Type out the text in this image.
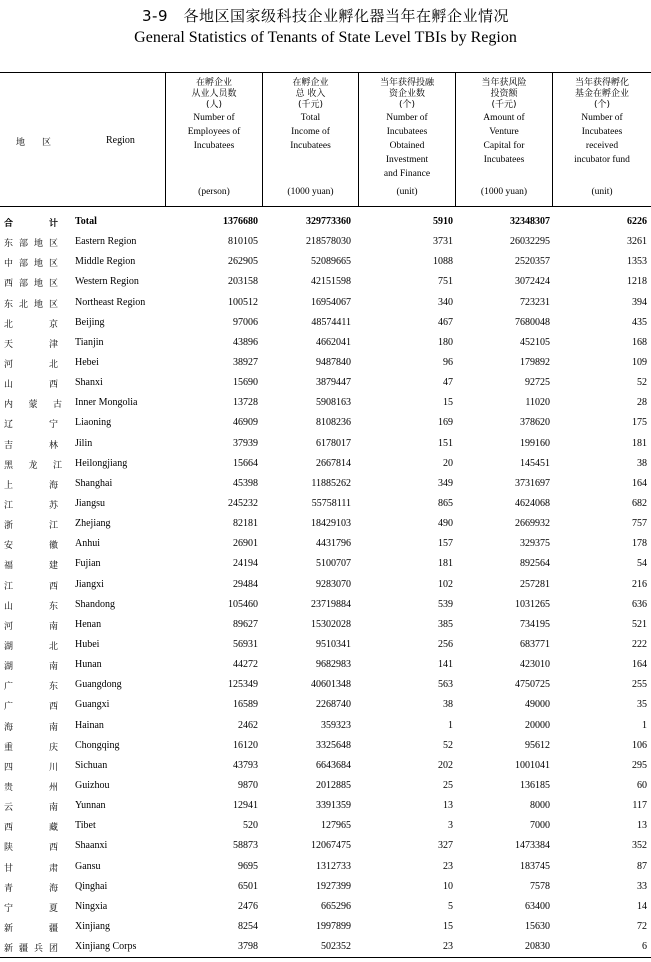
3-9　各地区国家级科技企业孵化器当年在孵企业情况
General Statistics of Tenants of State Level TBIs by Region
地区	Region
在孵企业
从业人员数
(人)
Number of
Employees of
Incubatees
(person)
在孵企业
总 收入
(千元)
Total
Income of
Incubatees
(1000 yuan)
当年获得投融
资企业数
(个)
Number of
Incubatees
Obtained
Investment
and Finance
(unit)
当年获风险
投资额
(千元)
Amount of
Venture
Capital for
Incubatees
(1000 yuan)
当年获得孵化
基金在孵企业
(个)
Number of
Incubatees
received
incubator fund
(unit)
合计 Total	1376680	329773360	5910	32348307	6226
东部地区 Eastern Region	810105	218578030	3731	26032295	3261
中部地区 Middle Region	262905	52089665	1088	2520357	1353
西部地区 Western Region	203158	42151598	751	3072424	1218
东北地区 Northeast Region	100512	16954067	340	723231	394
北京 Beijing	97006	48574411	467	7680048	435
天津 Tianjin	43896	4662041	180	452105	168
河北 Hebei	38927	9487840	96	179892	109
山西 Shanxi	15690	3879447	47	92725	52
内蒙古 Inner Mongolia	13728	5908163	15	11020	28
辽宁 Liaoning	46909	8108236	169	378620	175
吉林 Jilin	37939	6178017	151	199160	181
黑龙江 Heilongjiang	15664	2667814	20	145451	38
上海 Shanghai	45398	11885262	349	3731697	164
江苏 Jiangsu	245232	55758111	865	4624068	682
浙江 Zhejiang	82181	18429103	490	2669932	757
安徽 Anhui	26901	4431796	157	329375	178
福建 Fujian	24194	5100707	181	892564	54
江西 Jiangxi	29484	9283070	102	257281	216
山东 Shandong	105460	23719884	539	1031265	636
河南 Henan	89627	15302028	385	734195	521
湖北 Hubei	56931	9510341	256	683771	222
湖南 Hunan	44272	9682983	141	423010	164
广东 Guangdong	125349	40601348	563	4750725	255
广西 Guangxi	16589	2268740	38	49000	35
海南 Hainan	2462	359323	1	20000	1
重庆 Chongqing	16120	3325648	52	95612	106
四川 Sichuan	43793	6643684	202	1001041	295
贵州 Guizhou	9870	2012885	25	136185	60
云南 Yunnan	12941	3391359	13	8000	117
西藏 Tibet	520	127965	3	7000	13
陕西 Shaanxi	58873	12067475	327	1473384	352
甘肃 Gansu	9695	1312733	23	183745	87
青海 Qinghai	6501	1927399	10	7578	33
宁夏 Ningxia	2476	665296	5	63400	14
新疆 Xinjiang	8254	1997899	15	15630	72
新疆兵团 Xinjiang Corps	3798	502352	23	20830	6
